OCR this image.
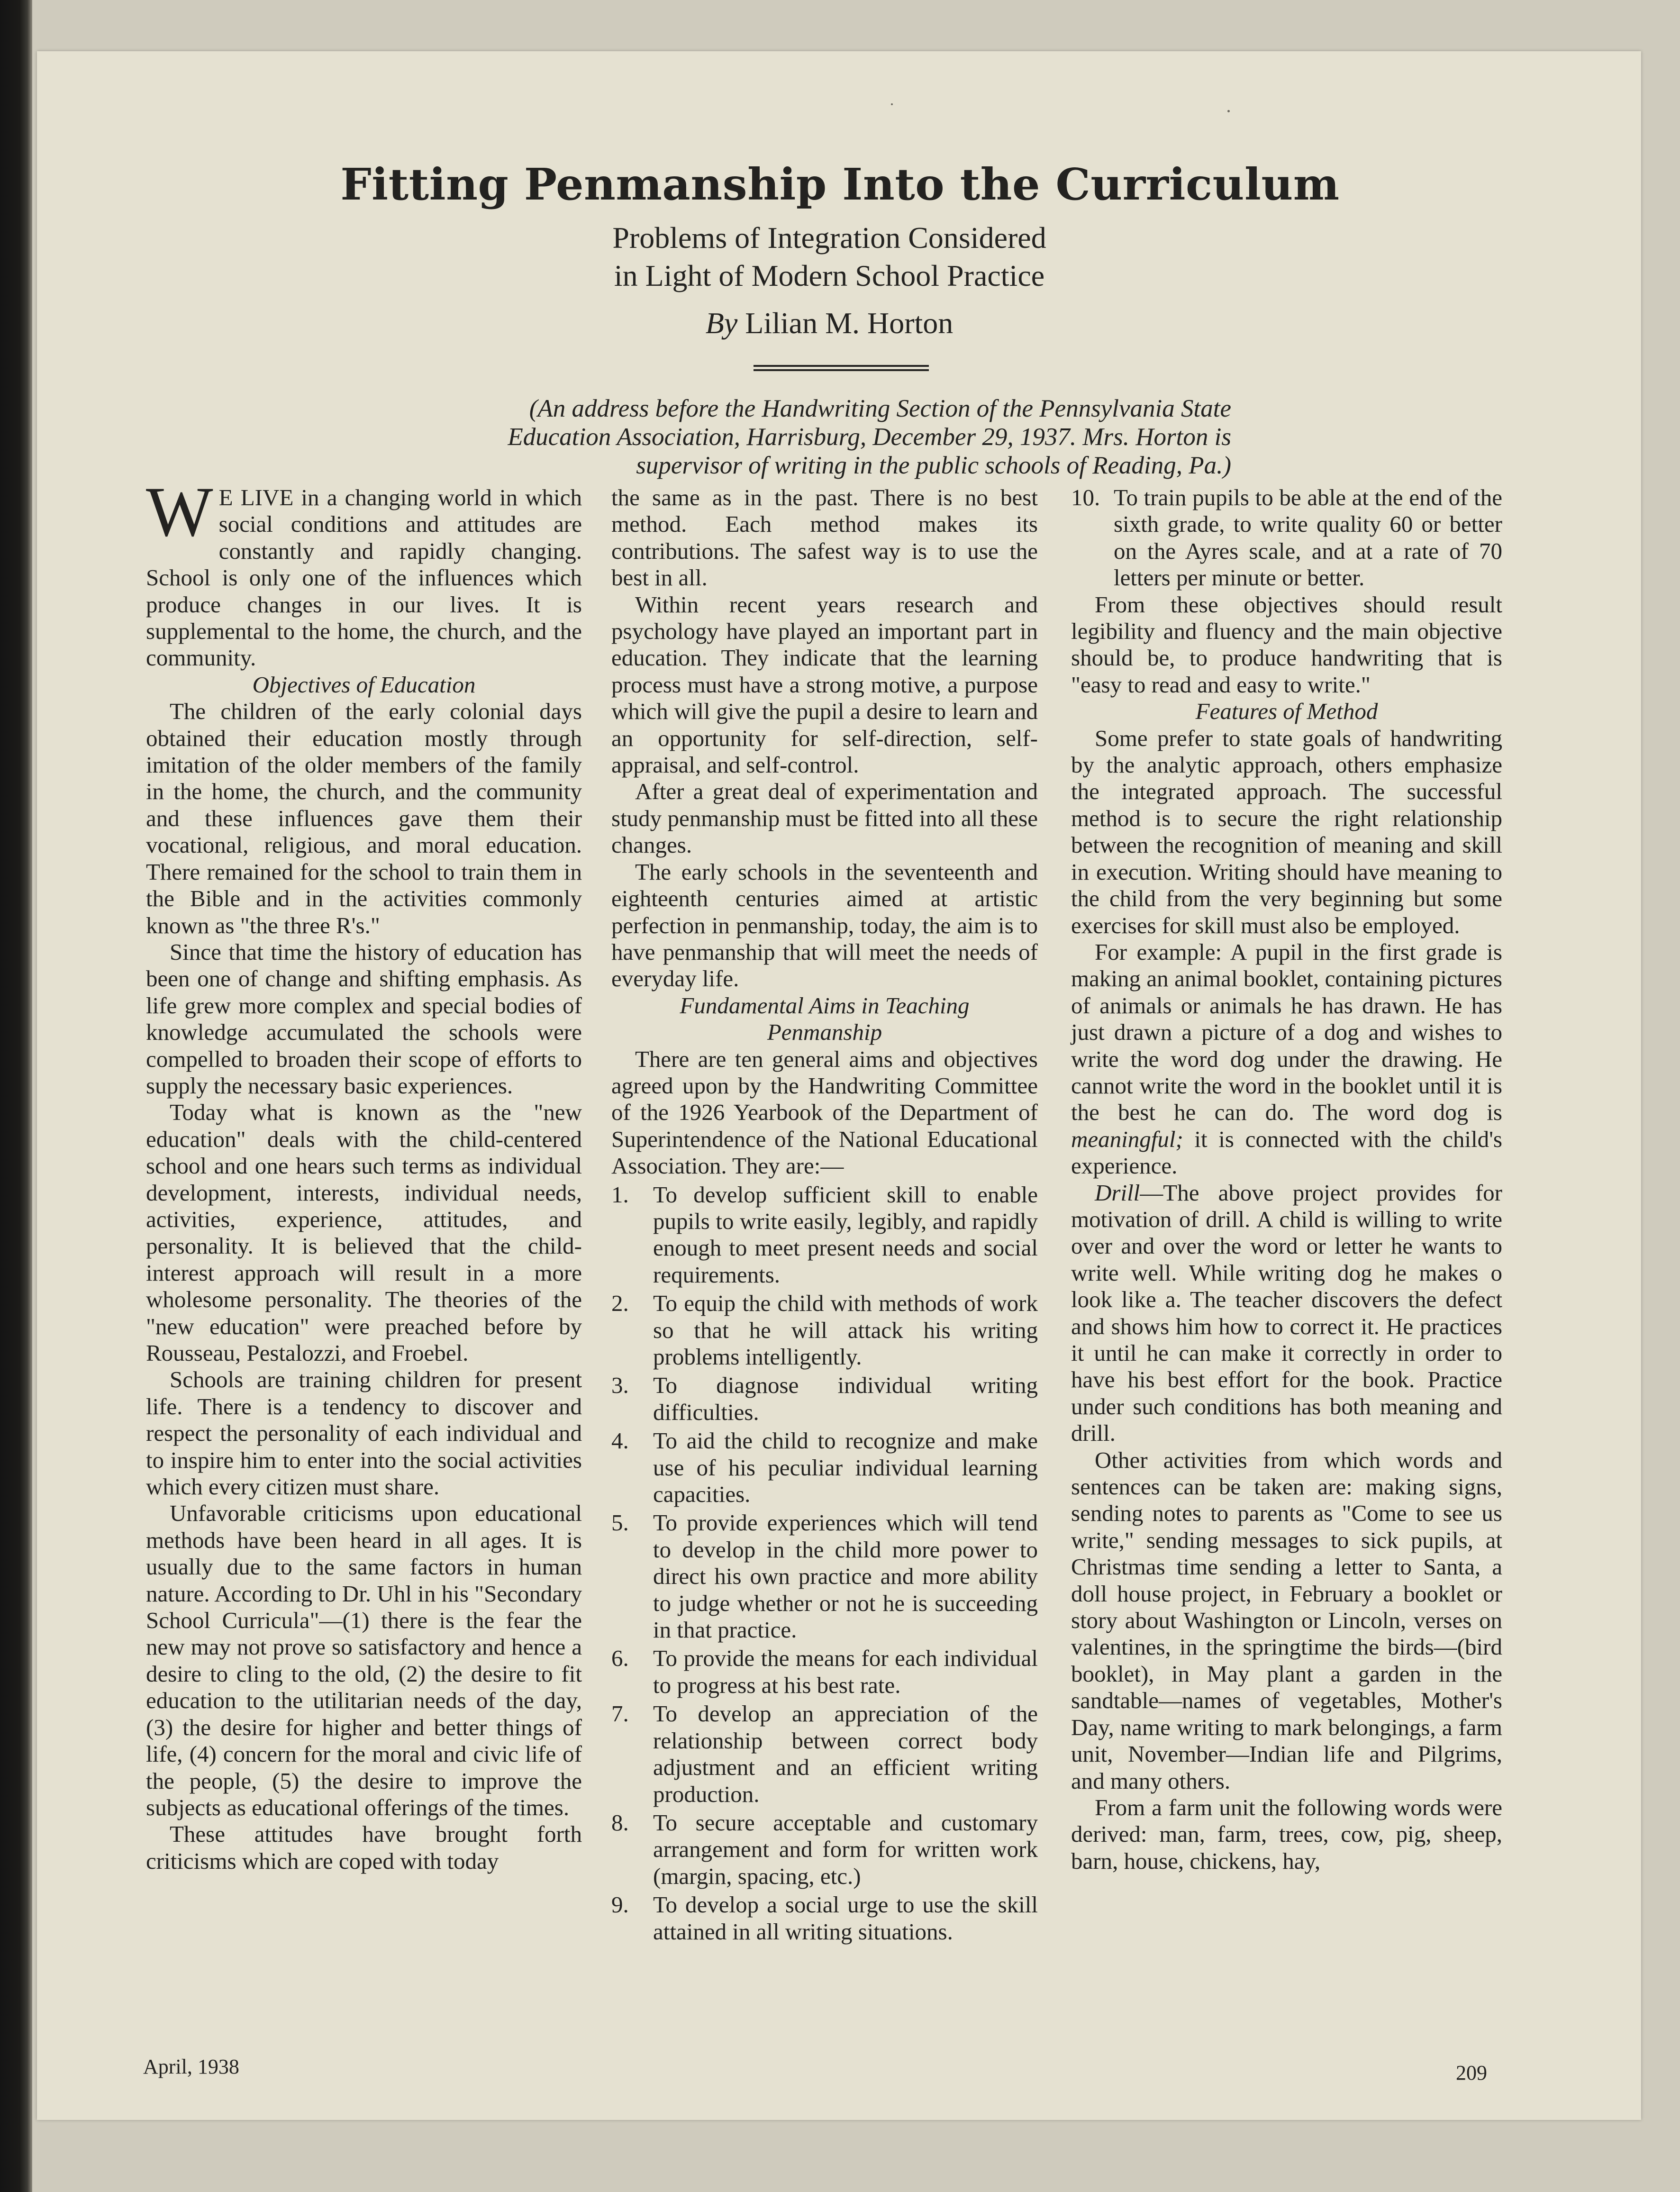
Fitting Penmanship Into the Curriculum
Problems of Integration Considered
in Light of Modern School Practice
By Lilian M. Horton

(An address before the Handwriting Section of the Pennsylvania State Education Association, Harrisburg, December 29, 1937. Mrs. Horton is supervisor of writing in the public schools of Reading, Pa.)

W E LIVE in a changing world in which social conditions and attitudes are constantly and rapidly changing. School is only one of the influences which produce changes in our lives. It is supplemental to the home, the church, and the community.

Objectives of Education

The children of the early colonial days obtained their education mostly through imitation of the older members of the family in the home, the church, and the community and these influences gave them their vocational, religious, and moral education. There remained for the school to train them in the Bible and in the activities commonly known as "the three R's."

Since that time the history of education has been one of change and shifting emphasis. As life grew more complex and special bodies of knowledge accumulated the schools were compelled to broaden their scope of efforts to supply the necessary basic experiences.

Today what is known as the "new education" deals with the child-centered school and one hears such terms as individual development, interests, individual needs, activities, experience, attitudes, and personality. It is believed that the child-interest approach will result in a more wholesome personality. The theories of the "new education" were preached before by Rousseau, Pestalozzi, and Froebel.

Schools are training children for present life. There is a tendency to discover and respect the personality of each individual and to inspire him to enter into the social activities which every citizen must share.

Unfavorable criticisms upon educational methods have been heard in all ages. It is usually due to the same factors in human nature. According to Dr. Uhl in his "Secondary School Curricula"—(1) there is the fear the new may not prove so satisfactory and hence a desire to cling to the old, (2) the desire to fit education to the utilitarian needs of the day, (3) the desire for higher and better things of life, (4) concern for the moral and civic life of the people, (5) the desire to improve the subjects as educational offerings of the times.

These attitudes have brought forth criticisms which are coped with today

the same as in the past. There is no best method. Each method makes its contributions. The safest way is to use the best in all.

Within recent years research and psychology have played an important part in education. They indicate that the learning process must have a strong motive, a purpose which will give the pupil a desire to learn and an opportunity for self-direction, self-appraisal, and self-control.

After a great deal of experimentation and study penmanship must be fitted into all these changes.

The early schools in the seventeenth and eighteenth centuries aimed at artistic perfection in penmanship, today, the aim is to have penmanship that will meet the needs of everyday life.

Fundamental Aims in Teaching
Penmanship

There are ten general aims and objectives agreed upon by the Handwriting Committee of the 1926 Yearbook of the Department of Superintendence of the National Educational Association. They are:—

1. To develop sufficient skill to enable pupils to write easily, legibly, and rapidly enough to meet present needs and social requirements.
2. To equip the child with methods of work so that he will attack his writing problems intelligently.
3. To diagnose individual writing difficulties.
4. To aid the child to recognize and make use of his peculiar individual learning capacities.
5. To provide experiences which will tend to develop in the child more power to direct his own practice and more ability to judge whether or not he is succeeding in that practice.
6. To provide the means for each individual to progress at his best rate.
7. To develop an appreciation of the relationship between correct body adjustment and an efficient writing production.
8. To secure acceptable and customary arrangement and form for written work (margin, spacing, etc.)
9. To develop a social urge to use the skill attained in all writing situations.
10. To train pupils to be able at the end of the sixth grade, to write quality 60 or better on the Ayres scale, and at a rate of 70 letters per minute or better.

From these objectives should result legibility and fluency and the main objective should be, to produce handwriting that is "easy to read and easy to write."

Features of Method

Some prefer to state goals of handwriting by the analytic approach, others emphasize the integrated approach. The successful method is to secure the right relationship between the recognition of meaning and skill in execution. Writing should have meaning to the child from the very beginning but some exercises for skill must also be employed.

For example: A pupil in the first grade is making an animal booklet, containing pictures of animals or animals he has drawn. He has just drawn a picture of a dog and wishes to write the word dog under the drawing. He cannot write the word in the booklet until it is the best he can do. The word dog is meaningful; it is connected with the child's experience.

Drill—The above project provides for motivation of drill. A child is willing to write over and over the word or letter he wants to write well. While writing dog he makes o look like a. The teacher discovers the defect and shows him how to correct it. He practices it until he can make it correctly in order to have his best effort for the book. Practice under such conditions has both meaning and drill.

Other activities from which words and sentences can be taken are: making signs, sending notes to parents as "Come to see us write," sending messages to sick pupils, at Christmas time sending a letter to Santa, a doll house project, in February a booklet or story about Washington or Lincoln, verses on valentines, in the springtime the birds—(bird booklet), in May plant a garden in the sandtable—names of vegetables, Mother's Day, name writing to mark belongings, a farm unit, November—Indian life and Pilgrims, and many others.

From a farm unit the following words were derived: man, farm, trees, cow, pig, sheep, barn, house, chickens, hay,

April, 1938	209
